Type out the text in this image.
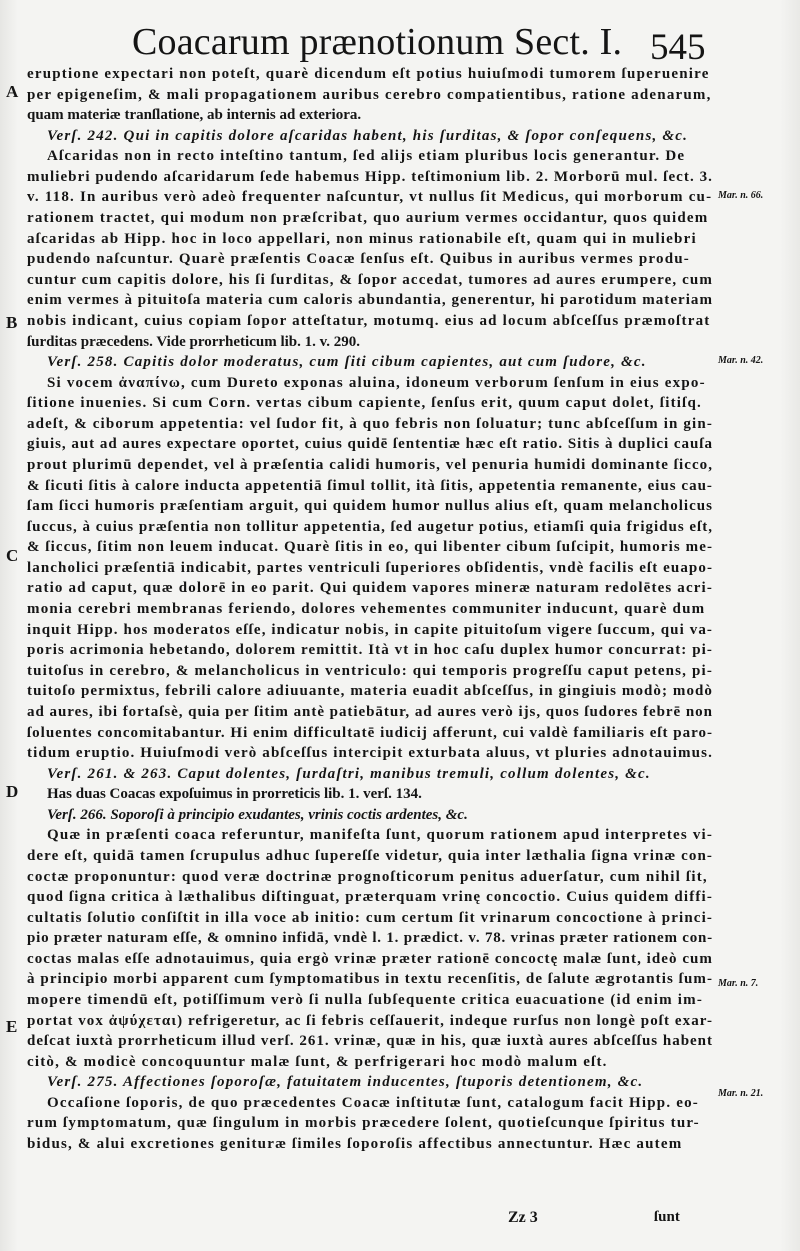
Coacarum prænotionum Sect. I. 545
eruptione expectari non poteſt, quarè dicendum eſt potius huiuſmodi tumorem ſuperuenire
per epigeneſim, & mali propagationem auribus cerebro compatientibus, ratione adenarum,
quam materiæ tranſlatione, ab internis ad exteriora.
Verſ. 242. Qui in capitis dolore aſcaridas habent, his ſurditas, & ſopor conſequens, &c.
Aſcaridas non in recto inteſtino tantum, ſed alijs etiam pluribus locis generantur. De
muliebri pudendo aſcaridarum ſede habemus Hipp. teſtimonium lib. 2. Morborū mul. ſect. 3.
v. 118. In auribus verò adeò frequenter naſcuntur, vt nullus ſit Medicus, qui morborum cu-
rationem tractet, qui modum non præſcribat, quo aurium vermes occidantur, quos quidem
aſcaridas ab Hipp. hoc in loco appellari, non minus rationabile eſt, quam qui in muliebri
pudendo naſcuntur. Quarè præſentis Coacæ ſenſus eſt. Quibus in auribus vermes produ-
cuntur cum capitis dolore, his ſi ſurditas, & ſopor accedat, tumores ad aures erumpere, cum
enim vermes à pituitoſa materia cum caloris abundantia, generentur, hi parotidum materiam
nobis indicant, cuius copiam ſopor atteſtatur, motumq. eius ad locum abſceſſus præmoſtrat
ſurditas præcedens. Vide prorrheticum lib. 1. v. 290.
Verſ. 258. Capitis dolor moderatus, cum ſiti cibum capientes, aut cum ſudore, &c.
Si vocem ἀναπίνω, cum Dureto exponas aluina, idoneum verborum ſenſum in eius expo-
ſitione inuenies. Si cum Corn. vertas cibum capiente, ſenſus erit, quum caput dolet, ſitiſq.
adeſt, & ciborum appetentia: vel ſudor fit, à quo febris non ſoluatur; tunc abſceſſum in gin-
giuis, aut ad aures expectare oportet, cuius quidē ſententiæ hæc eſt ratio. Sitis à duplici cauſa
prout plurimū dependet, vel à præſentia calidi humoris, vel penuria humidi dominante ſicco,
& ſicuti ſitis à calore inducta appetentiā ſimul tollit, ità ſitis, appetentia remanente, eius cau-
ſam ſicci humoris præſentiam arguit, qui quidem humor nullus alius eſt, quam melancholicus
ſuccus, à cuius præſentia non tollitur appetentia, ſed augetur potius, etiamſi quia frigidus eſt,
& ſiccus, ſitim non leuem inducat. Quarè ſitis in eo, qui libenter cibum ſuſcipit, humoris me-
lancholici præſentiā indicabit, partes ventriculi ſuperiores obſidentis, vndè facilis eſt euapo-
ratio ad caput, quæ dolorē in eo parit. Qui quidem vapores mineræ naturam redolētes acri-
monia cerebri membranas feriendo, dolores vehementes communiter inducunt, quarè dum
inquit Hipp. hos moderatos eſſe, indicatur nobis, in capite pituitoſum vigere ſuccum, qui va-
poris acrimonia hebetando, dolorem remittit. Ità vt in hoc caſu duplex humor concurrat: pi-
tuitoſus in cerebro, & melancholicus in ventriculo: qui temporis progreſſu caput petens, pi-
tuitoſo permixtus, febrili calore adiuuante, materia euadit abſceſſus, in gingiuis modò; modò
ad aures, ibi fortaſsè, quia per ſitim antè patiebātur, ad aures verò ijs, quos ſudores febrē non
ſoluentes concomitabantur. Hi enim difficultatē iudicij afferunt, cui valdè familiaris eſt paro-
tidum eruptio. Huiuſmodi verò abſceſſus intercipit exturbata aluus, vt pluries adnotauimus.
Verſ. 261. & 263. Caput dolentes, ſurdaſtri, manibus tremuli, collum dolentes, &c.
Has duas Coacas expoſuimus in prorreticis lib. 1. verſ. 134.
Verſ. 266. Soporoſi à principio exudantes, vrinis coctis ardentes, &c.
Quæ in præſenti coaca referuntur, manifeſta ſunt, quorum rationem apud interpretes vi-
dere eſt, quidā tamen ſcrupulus adhuc ſupereſſe videtur, quia inter læthalia ſigna vrinæ con-
coctæ proponuntur: quod veræ doctrinæ prognoſticorum penitus aduerſatur, cum nihil ſit,
quod ſigna critica à læthalibus diſtinguat, præterquam vrinę concoctio. Cuius quidem diffi-
cultatis ſolutio conſiſtit in illa voce ab initio: cum certum ſit vrinarum concoctione à princi-
pio præter naturam eſſe, & omnino infidā, vndè l. 1. prædict. v. 78. vrinas præter rationem con-
coctas malas eſſe adnotauimus, quia ergò vrinæ præter rationē concoctę malæ ſunt, ideò cum
à principio morbi apparent cum ſymptomatibus in textu recenſitis, de ſalute ægrotantis ſum-
mopere timendū eſt, potiſſimum verò ſi nulla ſubſequente critica euacuatione (id enim im-
portat vox ἀψύχεται) refrigeretur, ac ſi febris ceſſauerit, indeque rurſus non longè poſt exar-
deſcat iuxtà prorrheticum illud verſ. 261. vrinæ, quæ in his, quæ iuxtà aures abſceſſus habent
citò, & modicè concoquuntur malæ ſunt, & perfrigerari hoc modò malum eſt.
Verſ. 275. Affectiones ſoporoſæ, fatuitatem inducentes, ſtuporis detentionem, &c.
Occaſione ſoporis, de quo præcedentes Coacæ inſtitutæ ſunt, catalogum facit Hipp. eo-
rum ſymptomatum, quæ ſingulum in morbis præcedere ſolent, quotieſcunque ſpiritus tur-
bidus, & alui excretiones genituræ ſimiles ſoporoſis affectibus annectuntur. Hæc autem
A
B
C
D
E
Mar. n. 66.
Mar. n. 42.
Mar. n. 7.
Mar. n. 21.
Zz 3	ſunt
